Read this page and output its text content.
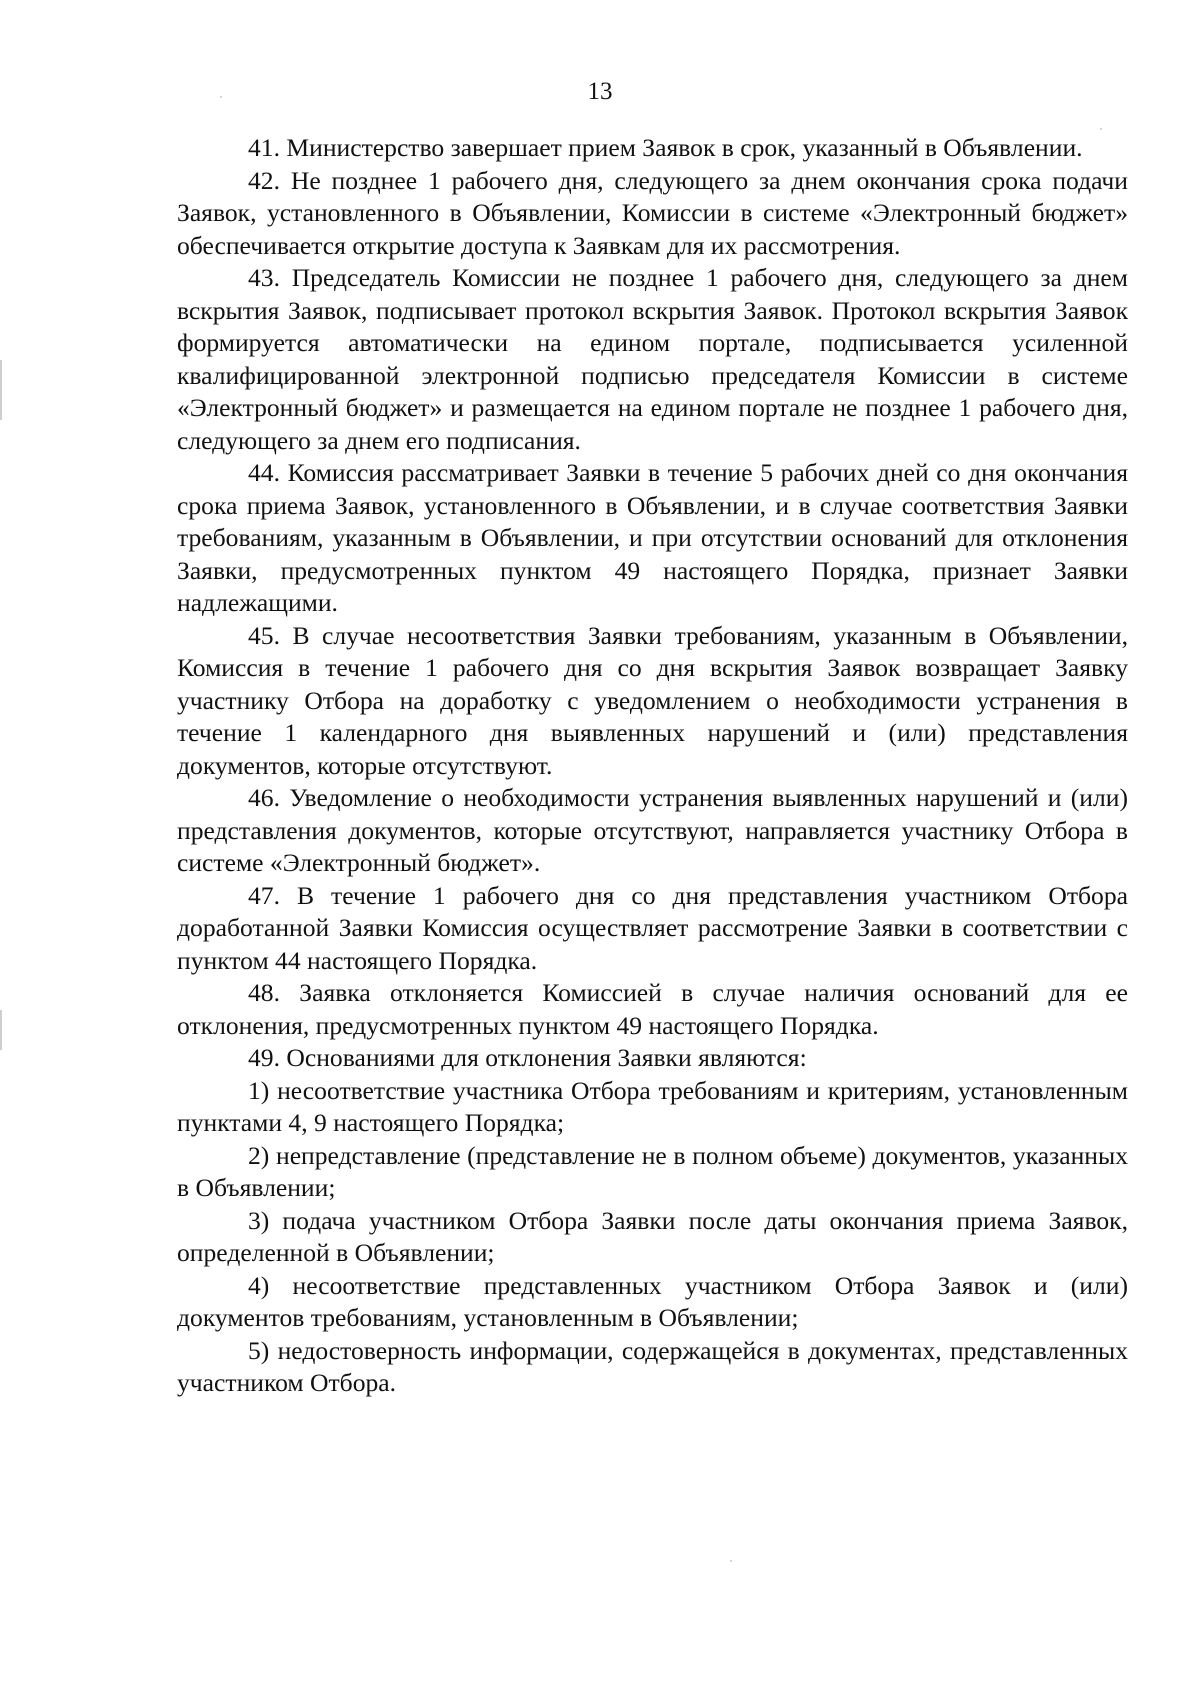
13

41. Министерство завершает прием Заявок в срок, указанный в Объявлении.

42. Не позднее 1 рабочего дня, следующего за днем окончания срока подачи Заявок, установленного в Объявлении, Комиссии в системе «Электронный бюджет» обеспечивается открытие доступа к Заявкам для их рассмотрения.

43. Председатель Комиссии не позднее 1 рабочего дня, следующего за днем вскрытия Заявок, подписывает протокол вскрытия Заявок. Протокол вскрытия Заявок формируется автоматически на едином портале, подписывается усиленной квалифицированной электронной подписью председателя Комиссии в системе «Электронный бюджет» и размещается на едином портале не позднее 1 рабочего дня, следующего за днем его подписания.

44. Комиссия рассматривает Заявки в течение 5 рабочих дней со дня окончания срока приема Заявок, установленного в Объявлении, и в случае соответствия Заявки требованиям, указанным в Объявлении, и при отсутствии оснований для отклонения Заявки, предусмотренных пунктом 49 настоящего Порядка, признает Заявки надлежащими.

45. В случае несоответствия Заявки требованиям, указанным в Объявлении, Комиссия в течение 1 рабочего дня со дня вскрытия Заявок возвращает Заявку участнику Отбора на доработку с уведомлением о необходимости устранения в течение 1 календарного дня выявленных нарушений и (или) представления документов, которые отсутствуют.

46. Уведомление о необходимости устранения выявленных нарушений и (или) представления документов, которые отсутствуют, направляется участнику Отбора в системе «Электронный бюджет».

47. В течение 1 рабочего дня со дня представления участником Отбора доработанной Заявки Комиссия осуществляет рассмотрение Заявки в соответствии с пунктом 44 настоящего Порядка.

48. Заявка отклоняется Комиссией в случае наличия оснований для ее отклонения, предусмотренных пунктом 49 настоящего Порядка.

49. Основаниями для отклонения Заявки являются:

1) несоответствие участника Отбора требованиям и критериям, установленным пунктами 4, 9 настоящего Порядка;

2) непредставление (представление не в полном объеме) документов, указанных в Объявлении;

3) подача участником Отбора Заявки после даты окончания приема Заявок, определенной в Объявлении;

4) несоответствие представленных участником Отбора Заявок и (или) документов требованиям, установленным в Объявлении;

5) недостоверность информации, содержащейся в документах, представленных участником Отбора.
